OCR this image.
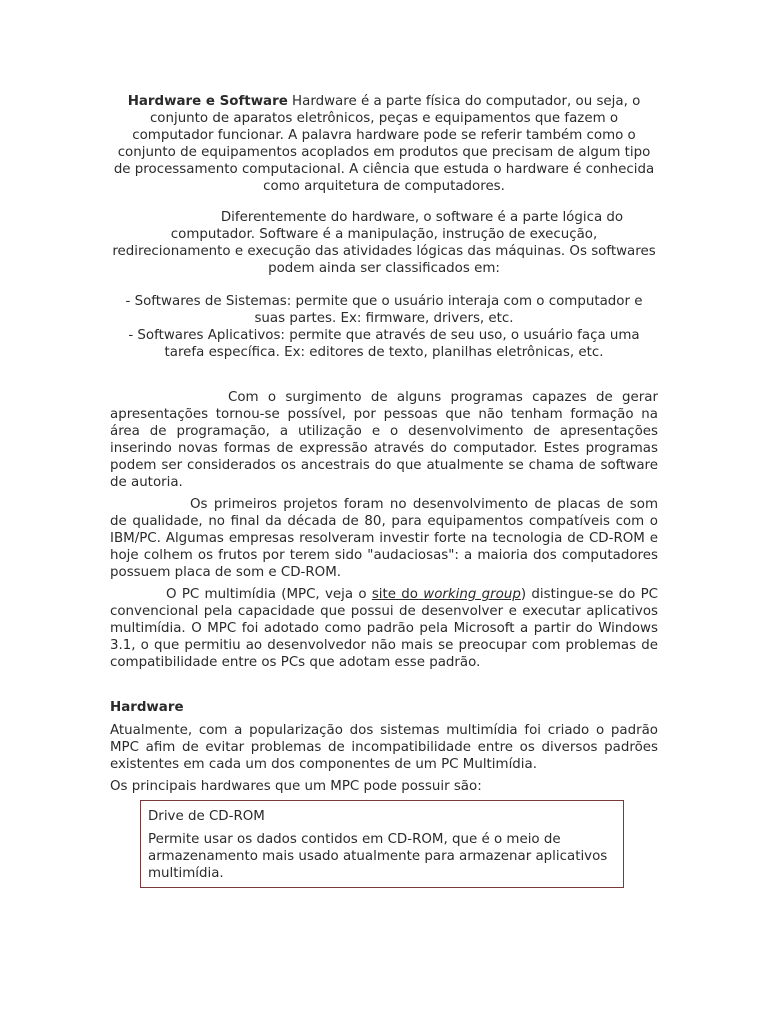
Hardware e Software Hardware é a parte física do computador, ou seja, o conjunto de aparatos eletrônicos, peças e equipamentos que fazem o computador funcionar. A palavra hardware pode se referir também como o conjunto de equipamentos acoplados em produtos que precisam de algum tipo de processamento computacional. A ciência que estuda o hardware é conhecida como arquitetura de computadores.
Diferentemente do hardware, o software é a parte lógica do computador. Software é a manipulação, instrução de execução, redirecionamento e execução das atividades lógicas das máquinas. Os softwares podem ainda ser classificados em:
- Softwares de Sistemas: permite que o usuário interaja com o computador e
suas partes. Ex: firmware, drivers, etc.
- Softwares Aplicativos: permite que através de seu uso, o usuário faça uma
tarefa específica. Ex: editores de texto, planilhas eletrônicas, etc.
Com o surgimento de alguns programas capazes de gerar apresentações tornou-se possível, por pessoas que não tenham formação na área de programação, a utilização e o desenvolvimento de apresentações inserindo novas formas de expressão através do computador. Estes programas podem ser considerados os ancestrais do que atualmente se chama de software de autoria.
Os primeiros projetos foram no desenvolvimento de placas de som de qualidade, no final da década de 80, para equipamentos compatíveis com o IBM/PC. Algumas empresas resolveram investir forte na tecnologia de CD-ROM e hoje colhem os frutos por terem sido "audaciosas": a maioria dos computadores possuem placa de som e CD-ROM.
O PC multimídia (MPC, veja o site do working group) distingue-se do PC convencional pela capacidade que possui de desenvolver e executar aplicativos multimídia. O MPC foi adotado como padrão pela Microsoft a partir do Windows 3.1, o que permitiu ao desenvolvedor não mais se preocupar com problemas de compatibilidade entre os PCs que adotam esse padrão.
Hardware
Atualmente, com a popularização dos sistemas multimídia foi criado o padrão MPC afim de evitar problemas de incompatibilidade entre os diversos padrões existentes em cada um dos componentes de um PC Multimídia.
Os principais hardwares que um MPC pode possuir são:

Drive de CD-ROM

Permite usar os dados contidos em CD-ROM, que é o meio de armazenamento mais usado atualmente para armazenar aplicativos multimídia.
